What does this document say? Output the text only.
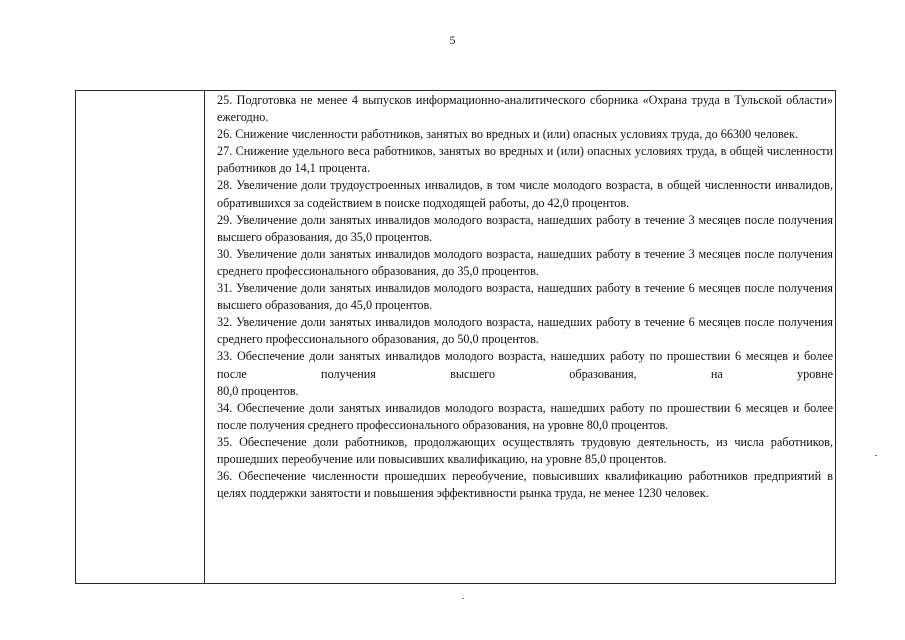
5

25. Подготовка не менее 4 выпусков информационно-аналитического сборника «Охрана труда в Тульской области» ежегодно.

26. Снижение численности работников, занятых во вредных и (или) опасных условиях труда, до 66300 человек.

27. Снижение удельного веса работников, занятых во вредных и (или) опасных условиях труда, в общей численности работников до 14,1 процента.

28. Увеличение доли трудоустроенных инвалидов, в том числе молодого возраста, в общей численности инвалидов, обратившихся за содействием в поиске подходящей работы, до 42,0 процентов.

29. Увеличение доли занятых инвалидов молодого возраста, нашедших работу в течение 3 месяцев после получения высшего образования, до 35,0 процентов.

30. Увеличение доли занятых инвалидов молодого возраста, нашедших работу в течение 3 месяцев после получения среднего профессионального образования, до 35,0 процентов.

31. Увеличение доли занятых инвалидов молодого возраста, нашедших работу в течение 6 месяцев после получения высшего образования, до 45,0 процентов.

32. Увеличение доли занятых инвалидов молодого возраста, нашедших работу в течение 6 месяцев после получения среднего профессионального образования, до 50,0 процентов.

33. Обеспечение доли занятых инвалидов молодого возраста, нашедших работу по прошествии 6 месяцев и более после получения высшего образования, на уровне

80,0 процентов.

34. Обеспечение доли занятых инвалидов молодого возраста, нашедших работу по прошествии 6 месяцев и более после получения среднего профессионального образования, на уровне 80,0 процентов.

35. Обеспечение доли работников, продолжающих осуществлять трудовую деятельность, из числа работников, прошедших переобучение или повысивших квалификацию, на уровне 85,0 процентов.

36. Обеспечение численности прошедших переобучение, повысивших квалификацию работников предприятий в целях поддержки занятости и повышения эффективности рынка труда, не менее 1230 человек.
